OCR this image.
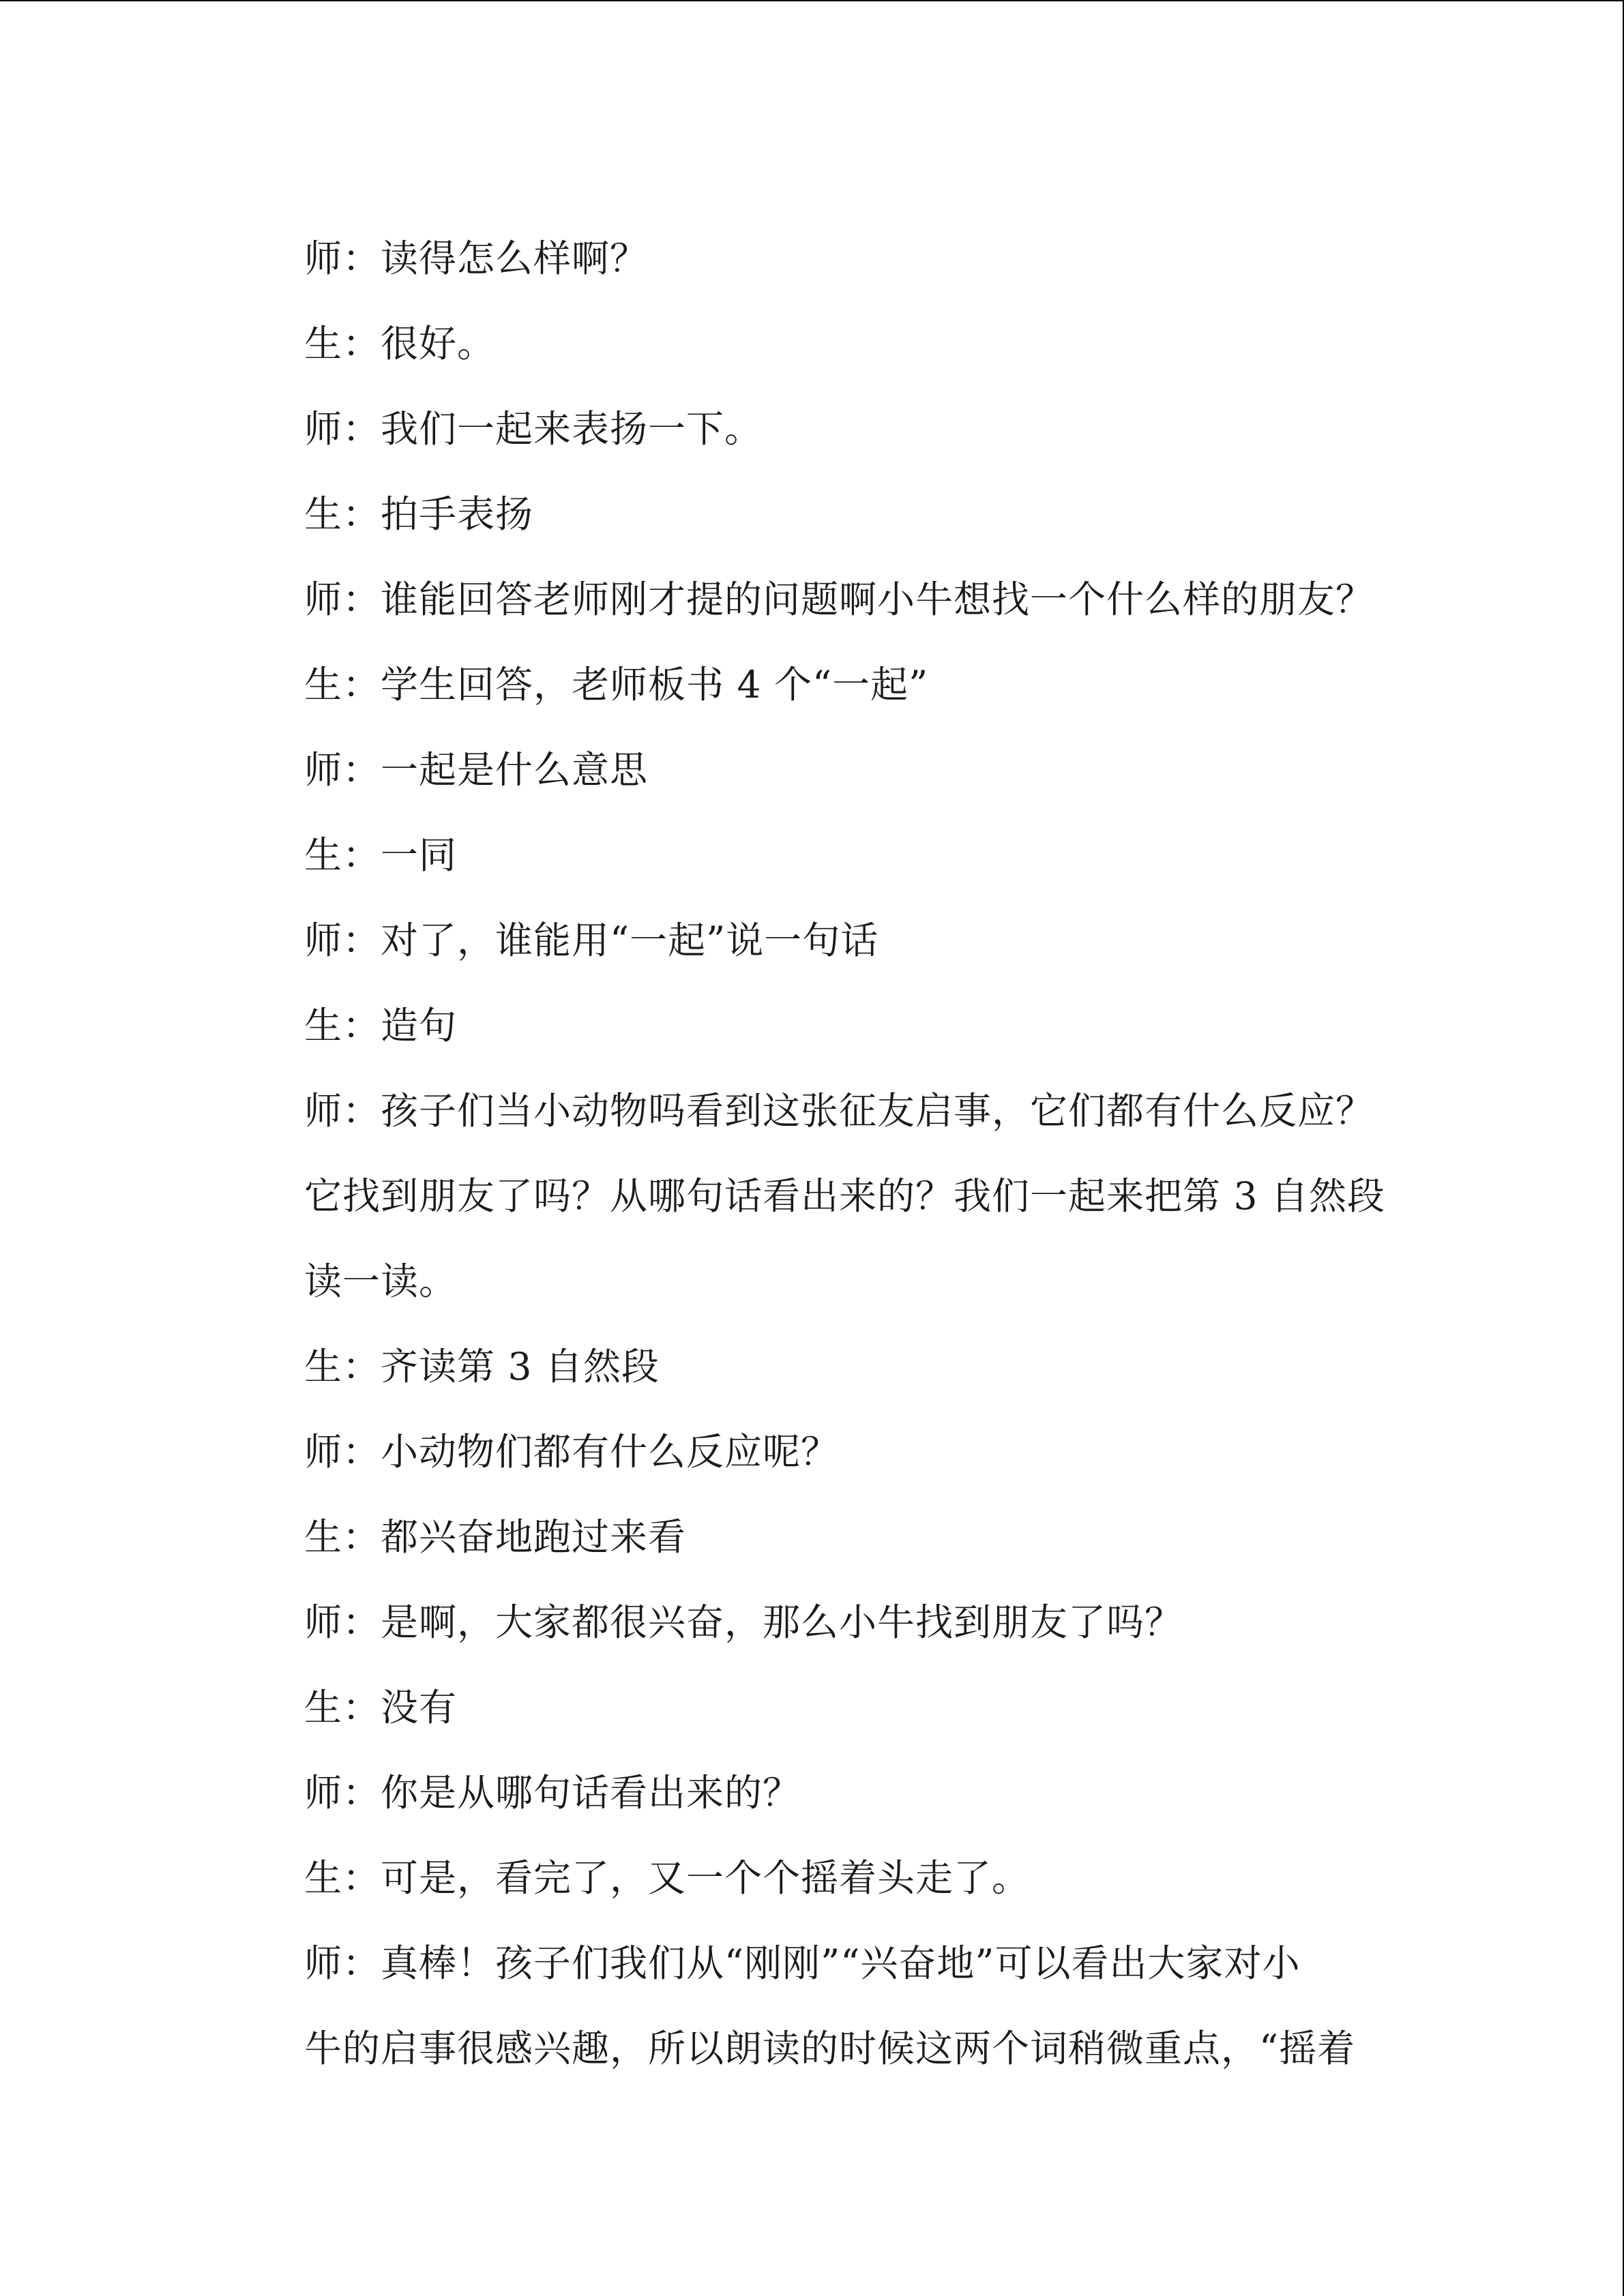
师：读得怎么样啊？
生：很好。
师：我们一起来表扬一下。
生：拍手表扬
师：谁能回答老师刚才提的问题啊小牛想找一个什么样的朋友？
生：学生回答，老师板书 4 个“一起”
师：一起是什么意思
生：一同
师：对了，谁能用“一起”说一句话
生：造句
师：孩子们当小动物吗看到这张征友启事，它们都有什么反应？
它找到朋友了吗？从哪句话看出来的？我们一起来把第 3 自然段
读一读。
生：齐读第 3 自然段
师：小动物们都有什么反应呢？
生：都兴奋地跑过来看
师：是啊，大家都很兴奋，那么小牛找到朋友了吗？
生：没有
师：你是从哪句话看出来的？
生：可是，看完了，又一个个摇着头走了。
师：真棒！孩子们我们从“刚刚”“兴奋地”可以看出大家对小
牛的启事很感兴趣，所以朗读的时候这两个词稍微重点，“摇着
